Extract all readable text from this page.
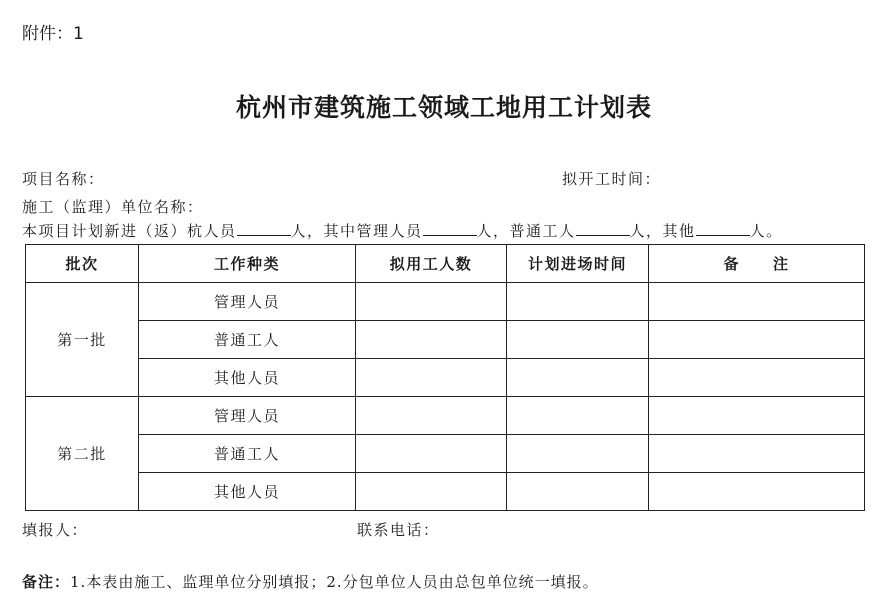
附件：1
杭州市建筑施工领域工地用工计划表
项目名称：	拟开工时间：
施工（监理）单位名称：
本项目计划新进（返）杭人员	人，其中管理人员	人，普通工人	人，其他	人。
批次	工作种类	拟用工人数	计划进场时间	备　　注
第一批	管理人员			
	普通工人			
	其他人员			
第二批	管理人员			
	普通工人			
	其他人员			
填报人：	联系电话：
备注：1.本表由施工、监理单位分别填报；2.分包单位人员由总包单位统一填报。
